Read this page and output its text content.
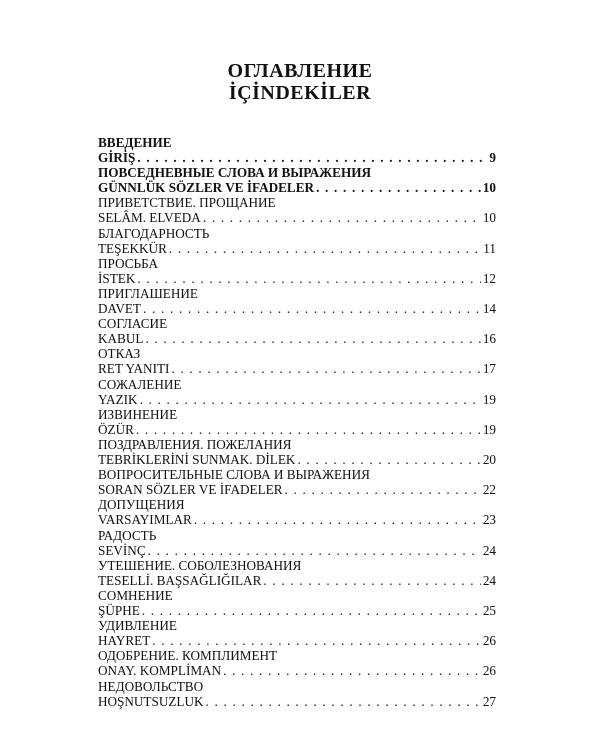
ОГЛАВЛЕНИЕ
İÇİNDEKİLER
ВВЕДЕНИЕ
GİRİŞ . . .	9
ПОВСЕДНЕВНЫЕ СЛОВА И ВЫРАЖЕНИЯ
GÜNNLÜK SÖZLER VE İFADELER . . .	10
ПРИВЕТСТВИЕ. ПРОЩАНИЕ
SELÂM. ELVEDA . . .	10
БЛАГОДАРНОСТЬ
TEŞEKKÜR . . .	11
ПРОСЬБА
İSTEK . . .	12
ПРИГЛАШЕНИЕ
DAVET . . .	14
СОГЛАСИЕ
KABUL . . .	16
ОТКАЗ
RET YANITI . . .	17
СОЖАЛЕНИЕ
YAZIK . . .	19
ИЗВИНЕНИЕ
ÖZÜR . . .	19
ПОЗДРАВЛЕНИЯ. ПОЖЕЛАНИЯ
TEBRİKLERİNİ SUNMAK. DİLEK . . .	20
ВОПРОСИТЕЛЬНЫЕ СЛОВА И ВЫРАЖЕНИЯ
SORAN SÖZLER VE İFADELER . . .	22
ДОПУЩЕНИЯ
VARSAYIMLAR . . .	23
РАДОСТЬ
SEVİNÇ . . .	24
УТЕШЕНИЕ. СОБОЛЕЗНОВАНИЯ
TESELLİ. BAŞSAĞLIĞILAR . . .	24
СОМНЕНИЕ
ŞÜPHE . . .	25
УДИВЛЕНИЕ
HAYRET . . .	26
ОДОБРЕНИЕ. КОМПЛИМЕНТ
ONAY. KOMPLİMAN . . .	26
НЕДОВОЛЬСТВО
HOŞNUTSUZLUK . . .	27
